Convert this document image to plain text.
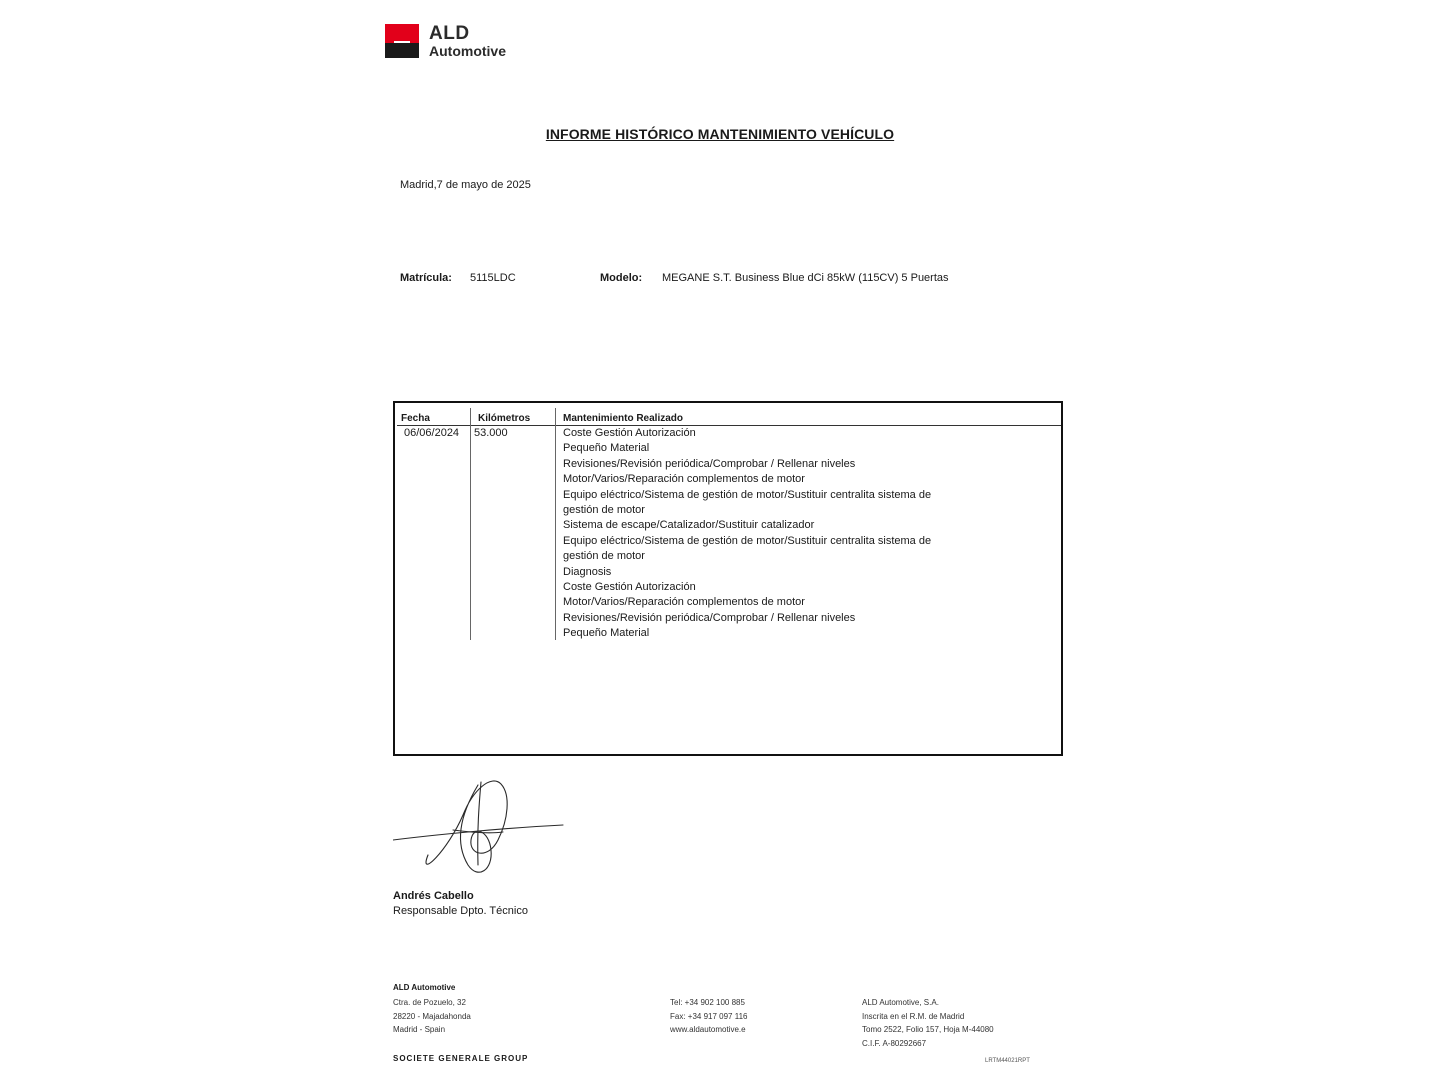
ALD
Automotive
INFORME HISTÓRICO MANTENIMIENTO VEHÍCULO
Madrid,7 de mayo de 2025
Matrícula: 5115LDC	Modelo: MEGANE S.T. Business Blue dCi 85kW (115CV) 5 Puertas
Fecha	Kilómetros	Mantenimiento Realizado
06/06/2024 53.000	Coste Gestión Autorización
Pequeño Material
Revisiones/Revisión periódica/Comprobar / Rellenar niveles
Motor/Varios/Reparación complementos de motor
Equipo eléctrico/Sistema de gestión de motor/Sustituir centralita sistema de
gestión de motor
Sistema de escape/Catalizador/Sustituir catalizador
Equipo eléctrico/Sistema de gestión de motor/Sustituir centralita sistema de
gestión de motor
Diagnosis
Coste Gestión Autorización
Motor/Varios/Reparación complementos de motor
Revisiones/Revisión periódica/Comprobar / Rellenar niveles
Pequeño Material
Andrés Cabello
Responsable Dpto. Técnico
ALD Automotive
Ctra. de Pozuelo, 32
28220 - Majadahonda
Madrid - Spain
Tel: +34 902 100 885
Fax: +34 917 097 116
www.aldautomotive.e
ALD Automotive, S.A.
Inscrita en el R.M. de Madrid
Tomo 2522, Folio 157, Hoja M-44080
C.I.F. A-80292667
SOCIETE GENERALE GROUP	LRTM44021RPT
